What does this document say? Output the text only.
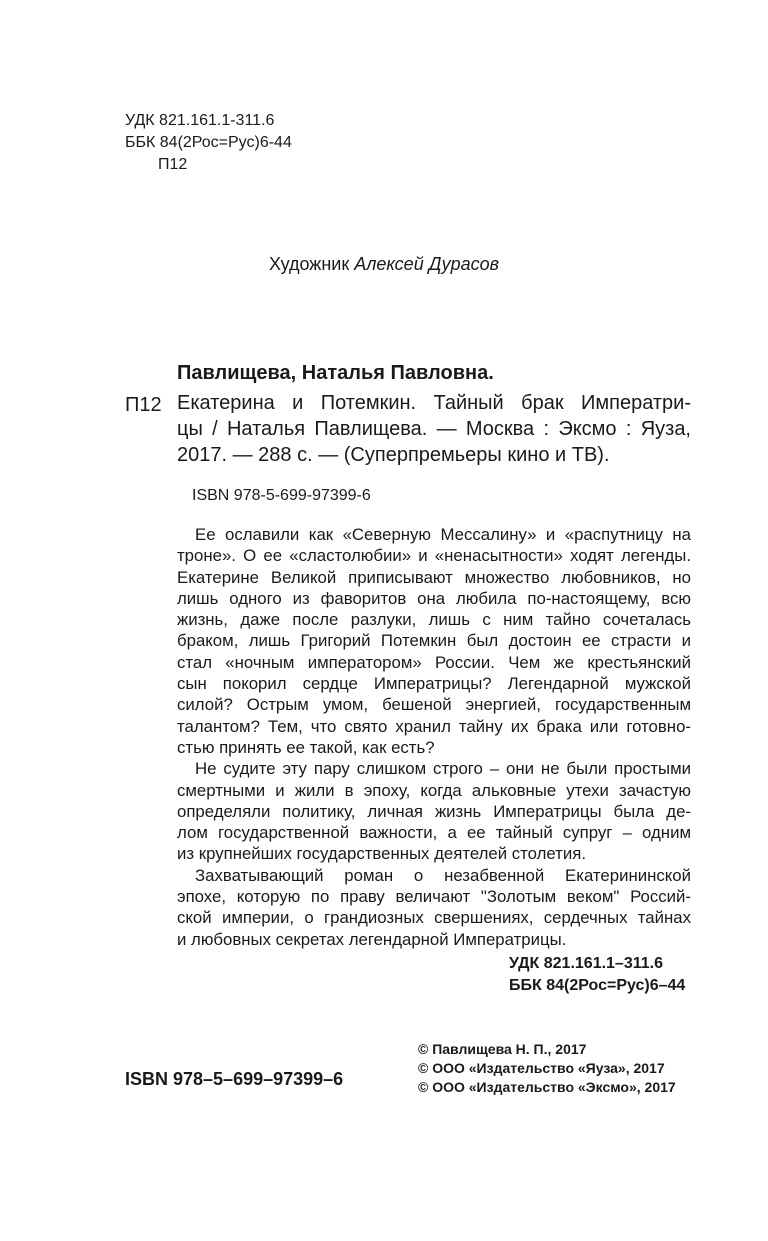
УДК 821.161.1-311.6
ББК 84(2Рос=Рус)6-44
П12
Художник Алексей Дурасов
Павлищева, Наталья Павловна.
П12 Екатерина и Потемкин. Тайный брак Императри-
цы / Наталья Павлищева. — Москва : Эксмо : Яуза,
2017. — 288 с. — (Суперпремьеры кино и ТВ).
ISBN 978-5-699-97399-6
Ее ославили как «Северную Мессалину» и «распутницу на
троне». О ее «сластолюбии» и «ненасытности» ходят легенды.
Екатерине Великой приписывают множество любовников, но
лишь одного из фаворитов она любила по-настоящему, всю
жизнь, даже после разлуки, лишь с ним тайно сочеталась
браком, лишь Григорий Потемкин был достоин ее страсти и
стал «ночным императором» России. Чем же крестьянский
сын покорил сердце Императрицы? Легендарной мужской
силой? Острым умом, бешеной энергией, государственным
талантом? Тем, что свято хранил тайну их брака или готовно-
стью принять ее такой, как есть?
Не судите эту пару слишком строго – они не были простыми
смертными и жили в эпоху, когда альковные утехи зачастую
определяли политику, личная жизнь Императрицы была де-
лом государственной важности, а ее тайный супруг – одним
из крупнейших государственных деятелей столетия.
Захватывающий роман о незабвенной Екатерининской
эпохе, которую по праву величают "Золотым веком" Россий-
ской империи, о грандиозных свершениях, сердечных тайнах
и любовных секретах легендарной Императрицы.
УДК 821.161.1–311.6
ББК 84(2Рос=Рус)6–44
ISBN 978–5–699–97399–6
© Павлищева Н. П., 2017
© ООО «Издательство «Яуза», 2017
© ООО «Издательство «Эксмо», 2017
